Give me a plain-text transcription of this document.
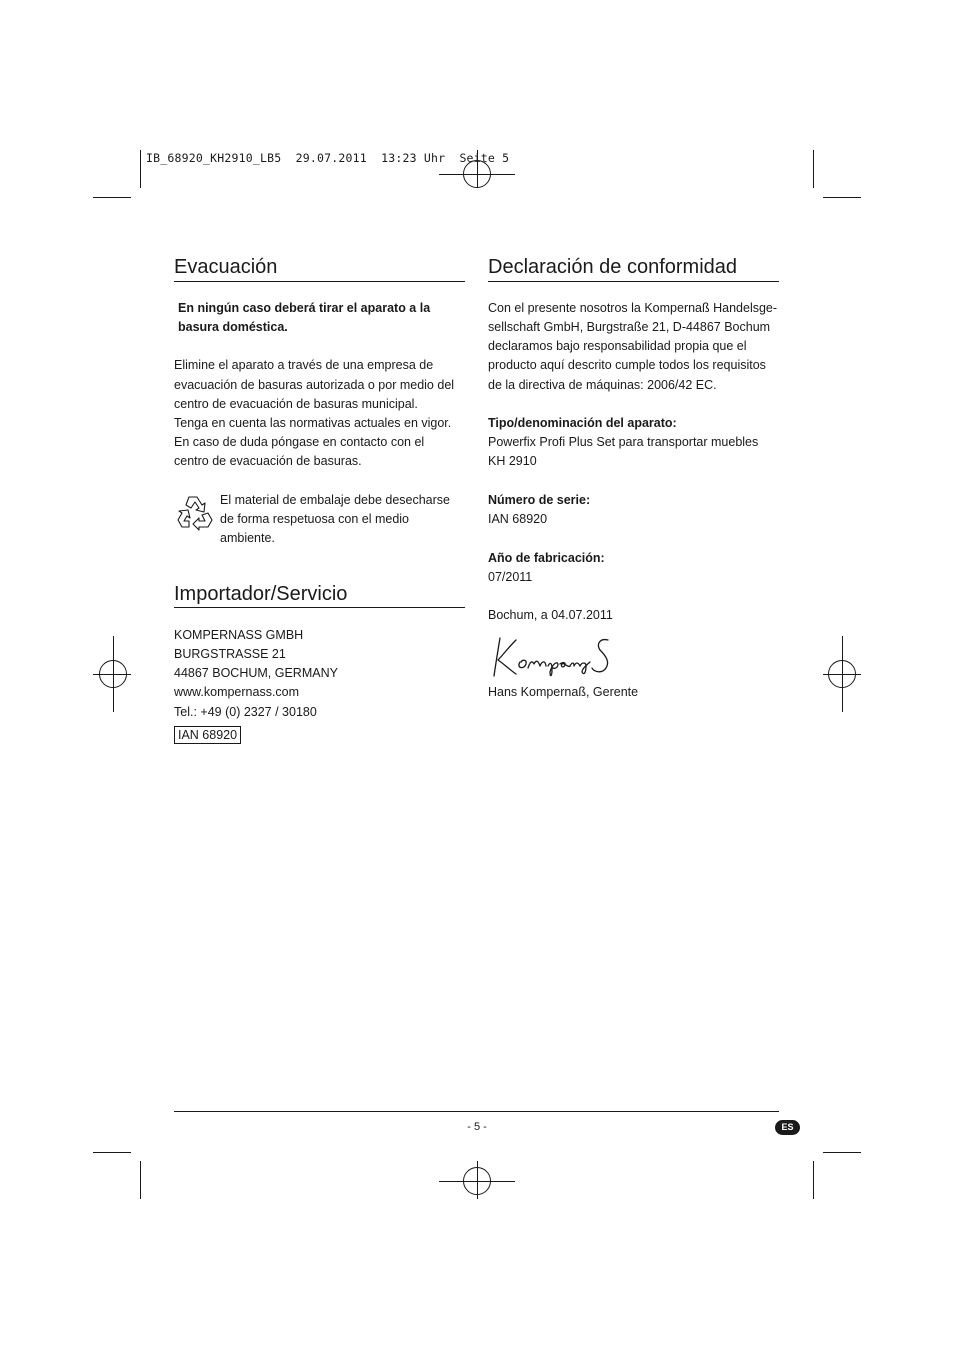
IB_68920_KH2910_LB5  29.07.2011  13:23 Uhr  Seite 5
Evacuación

En ningún caso deberá tirar el aparato a la

basura doméstica.

Elimine el aparato a través de una empresa de

evacuación de basuras autorizada o por medio del

centro de evacuación de basuras municipal.

Tenga en cuenta las normativas actuales en vigor.

En caso de duda póngase en contacto con el

centro de evacuación de basuras.

El material de embalaje debe desecharse

de forma respetuosa con el medio

ambiente.

Importador/Servicio

KOMPERNASS GMBH

BURGSTRASSE 21

44867 BOCHUM, GERMANY

www.kompernass.com

Tel.: +49 (0) 2327 / 30180

IAN 68920
Declaración de conformidad

Con el presente nosotros la Kompernaß Handelsge-

sellschaft GmbH, Burgstraße 21, D-44867 Bochum

declaramos bajo responsabilidad propia que el

producto aquí descrito cumple todos los requisitos

de la directiva de máquinas: 2006/42 EC.

Tipo/denominación del aparato:

Powerfix Profi Plus Set para transportar muebles

KH 2910

Número de serie:

IAN 68920

Año de fabricación:

07/2011

Bochum, a 04.07.2011

Hans Kompernaß, Gerente

- 5 -	ES
